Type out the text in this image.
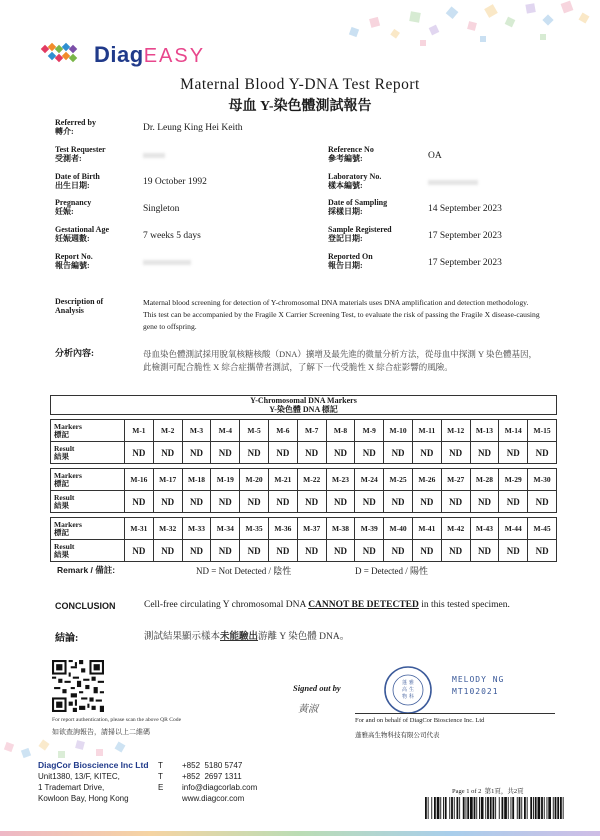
DiagEASY
Maternal Blood Y-DNA Test Report
母血 Y-染色體測試報告
Referred by
轉介:	Dr. Leung King Hei Keith
Test Requester
受測者:
Date of Birth
出生日期:	19 October 1992
Pregnancy
妊娠:	Singleton
Gestational Age
妊娠週數:	7 weeks 5 days
Report No.
報告編號:
Reference No
參考編號:	OA
Laboratory No.
樣本編號:
Date of Sampling
採樣日期:	14 September 2023
Sample Registered
登記日期:	17 September 2023
Reported On
報告日期:	17 September 2023
Description of
Analysis
Maternal blood screening for detection of Y-chromosomal DNA materials uses DNA amplification and detection methodology. This test can be accompanied by the Fragile X Carrier Screening Test, to evaluate the risk of passing the Fragile X disease-causing gene to offspring.
分析內容:	母血染色體測試採用脫氧核糖核酸（DNA）擴增及最先進的微量分析方法，從母血中探測 Y 染色體基因，此檢測可配合脆性 X 綜合症攜帶者測試，了解下一代受脆性 X 綜合症影響的風險。
Y-Chromosomal DNA Markers
Y-染色體 DNA 標記															

Markers
標記	M-1	M-2	M-3	M-4	M-5	M-6	M-7	M-8	M-9	M-10	M-11	M-12	M-13	M-14	M-15

Result
結果	ND	ND	ND	ND	ND	ND	ND	ND	ND	ND	ND	ND	ND	ND	ND

Markers
標記	M-16	M-17	M-18	M-19	M-20	M-21	M-22	M-23	M-24	M-25	M-26	M-27	M-28	M-29	M-30

Result
結果	ND	ND	ND	ND	ND	ND	ND	ND	ND	ND	ND	ND	ND	ND	ND

Markers
標記	M-31	M-32	M-33	M-34	M-35	M-36	M-37	M-38	M-39	M-40	M-41	M-42	M-43	M-44	M-45

Result
結果	ND	ND	ND	ND	ND	ND	ND	ND	ND	ND	ND	ND	ND	ND	ND
Remark / 備註:	ND = Not Detected / 陰性	D = Detected / 陽性
CONCLUSION	Cell-free circulating Y chromosomal DNA CANNOT BE DETECTED in this tested specimen.
結論:	測試結果顯示樣本未能驗出游離 Y 染色體 DNA。
For report authentication, please scan the above QR Code
如欲查詢報告，請掃以上二維碼
Signed out by
黃淑
蓬 雅
高 生
物 科
MELODY NG
MT102021
For and on behalf of DiagCor Bioscience Inc. Ltd
蓬雅高生物科技有限公司代表
DiagCor Bioscience Inc Ltd
Unit1380, 13/F, KITEC,
1 Trademart Drive,
Kowloon Bay, Hong Kong
T +852  5180 5747
T +852  2697 1311
E info@diagcorlab.com
www.diagcor.com
Page 1 of 2  第1頁，共2頁
